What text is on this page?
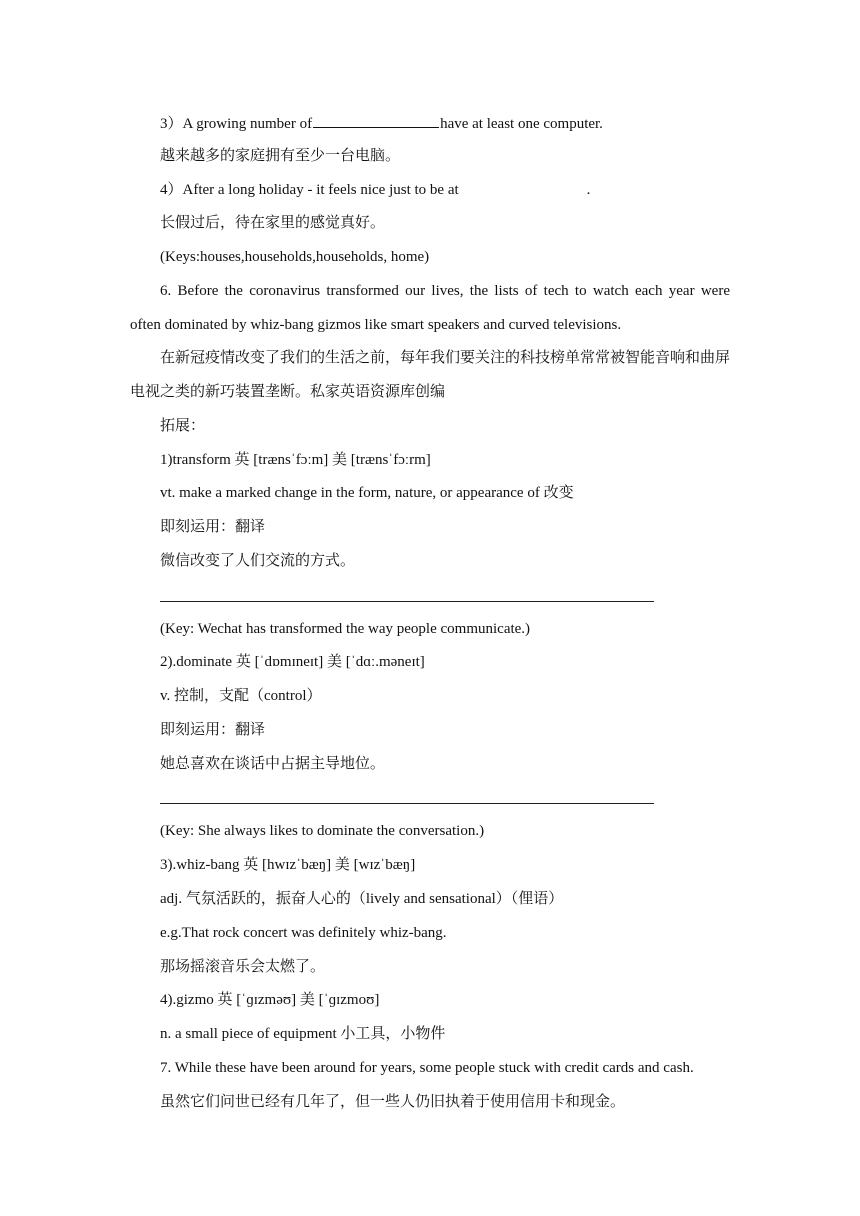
3）A growing number of	have at least one computer.
越来越多的家庭拥有至少一台电脑。
4）After a long holiday - it feels nice just to be at	.
长假过后，待在家里的感觉真好。
(Keys:houses,households,households, home)
6. Before the coronavirus transformed our lives, the lists of tech to watch each year were
often dominated by whiz-bang gizmos like smart speakers and curved televisions.
在新冠疫情改变了我们的生活之前，每年我们要关注的科技榜单常常被智能音响和曲屏
电视之类的新巧装置垄断。私家英语资源库创编
拓展：
1)transform 英 [trænsˈfɔːm] 美 [trænsˈfɔːrm]
vt. make a marked change in the form, nature, or appearance of 改变
即刻运用：翻译
微信改变了人们交流的方式。
(Key: Wechat has transformed the way people communicate.)
2).dominate 英 [ˈdɒmɪneɪt] 美 [ˈdɑː.məneɪt]
v. 控制，支配（control）
即刻运用：翻译
她总喜欢在谈话中占据主导地位。
(Key: She always likes to dominate the conversation.)
3).whiz-bang 英 [hwɪzˈbæŋ] 美 [wɪzˈbæŋ]
adj. 气氛活跃的，振奋人心的（lively and sensational）（俚语）
e.g.That rock concert was definitely whiz-bang.
那场摇滚音乐会太燃了。
4).gizmo 英 [ˈɡɪzməʊ] 美 [ˈɡɪzmoʊ]
n. a small piece of equipment 小工具，小物件
7. While these have been around for years, some people stuck with credit cards and cash.
虽然它们问世已经有几年了，但一些人仍旧执着于使用信用卡和现金。
